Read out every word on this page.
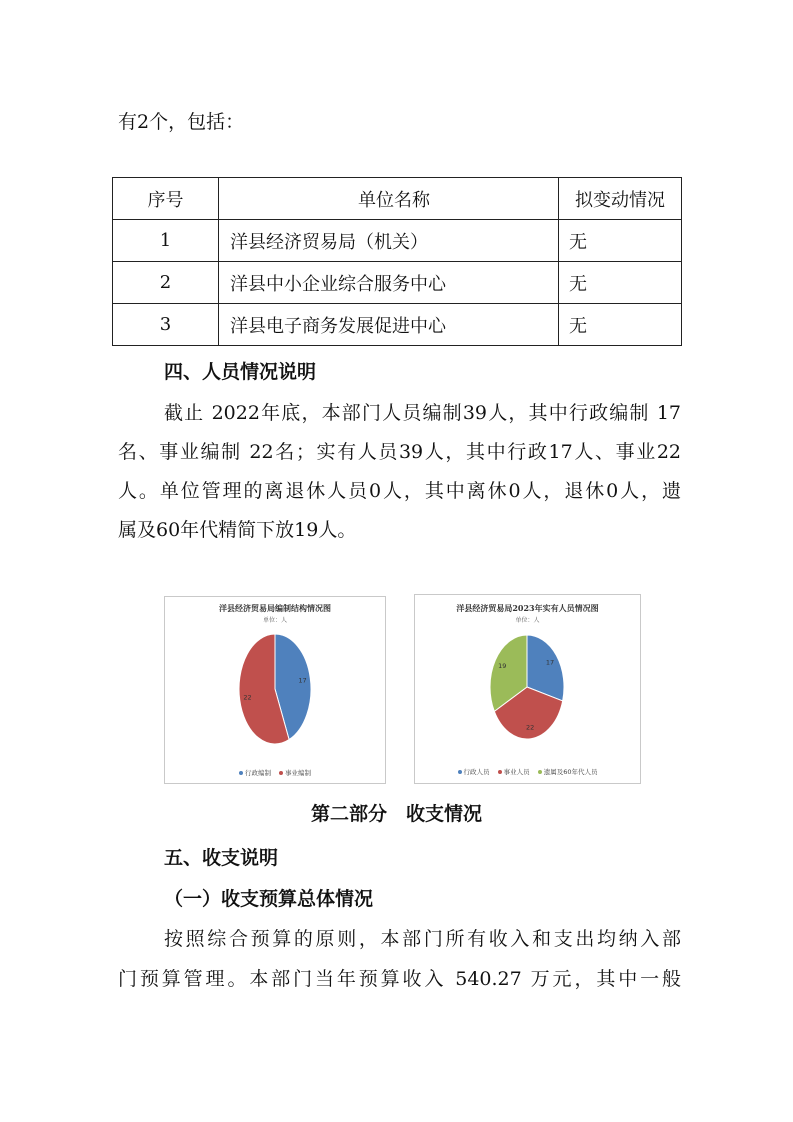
有2个，包括：
序号	单位名称	拟变动情况
1	洋县经济贸易局（机关）	无
2	洋县中小企业综合服务中心	无
3	洋县电子商务发展促进中心	无
四、人员情况说明
截止 2022年底，本部门人员编制39人，其中行政编制 17
名、事业编制 22名；实有人员39人，其中行政17人、事业22
人。单位管理的离退休人员0人，其中离休0人，退休0人，遗
属及60年代精简下放19人。
洋县经济贸易局编制结构情况图
单位：人
17
22
行政编制 事业编制
洋县经济贸易局2023年实有人员情况图
单位：人
17
22
19
行政人员 事业人员 遗属及60年代人员
第二部分　收支情况
五、收支说明
（一）收支预算总体情况
按照综合预算的原则，本部门所有收入和支出均纳入部
门预算管理。本部门当年预算收入 540.27 万元，其中一般
